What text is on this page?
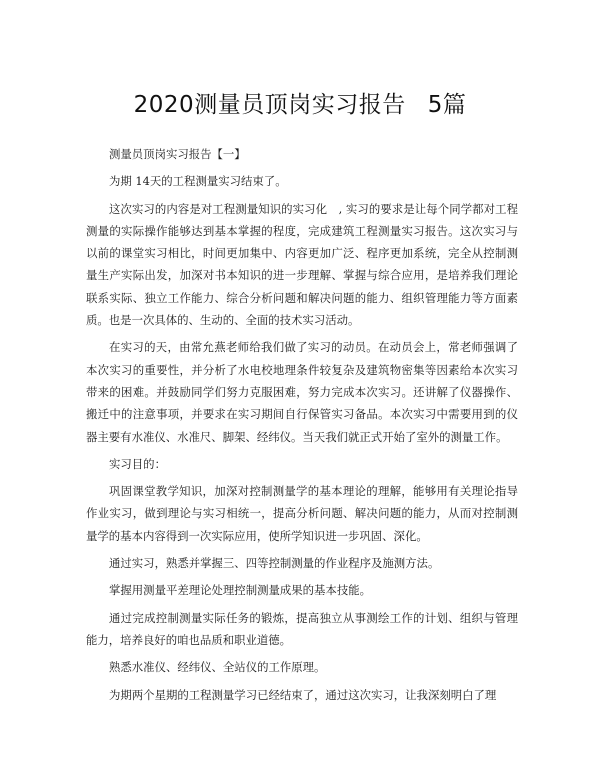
2020测量员顶岗实习报告 5篇

测量员顶岗实习报告【一】

为期 14天的工程测量实习结束了。

这次实习的内容是对工程测量知识的实习化　, 实习的要求是让每个同学都对工程测量的实际操作能够达到基本掌握的程度，完成建筑工程测量实习报告。这次实习与以前的课堂实习相比，时间更加集中、内容更加广泛、程序更加系统，完全从控制测量生产实际出发，加深对书本知识的进一步理解、掌握与综合应用，是培养我们理论联系实际、独立工作能力、综合分析问题和解决问题的能力、组织管理能力等方面素质。也是一次具体的、生动的、全面的技术实习活动。

在实习的天，由常允燕老师给我们做了实习的动员。在动员会上，常老师强调了本次实习的重要性，并分析了水电校地理条件较复杂及建筑物密集等因素给本次实习带来的困难。并鼓励同学们努力克服困难，努力完成本次实习。还讲解了仪器操作、搬迁中的注意事项，并要求在实习期间自行保管实习备品。本次实习中需要用到的仪器主要有水准仪、水准尺、脚架、经纬仪。当天我们就正式开始了室外的测量工作。

实习目的：

巩固课堂教学知识，加深对控制测量学的基本理论的理解，能够用有关理论指导作业实习，做到理论与实习相统一，提高分析问题、解决问题的能力，从而对控制测量学的基本内容得到一次实际应用，使所学知识进一步巩固、深化。

通过实习，熟悉并掌握三、四等控制测量的作业程序及施测方法。

掌握用测量平差理论处理控制测量成果的基本技能。

通过完成控制测量实际任务的锻炼，提高独立从事测绘工作的计划、组织与管理能力，培养良好的咱也品质和职业道德。

熟悉水准仪、经纬仪、全站仪的工作原理。

为期两个星期的工程测量学习已经结束了，通过这次实习，让我深刻明白了理
